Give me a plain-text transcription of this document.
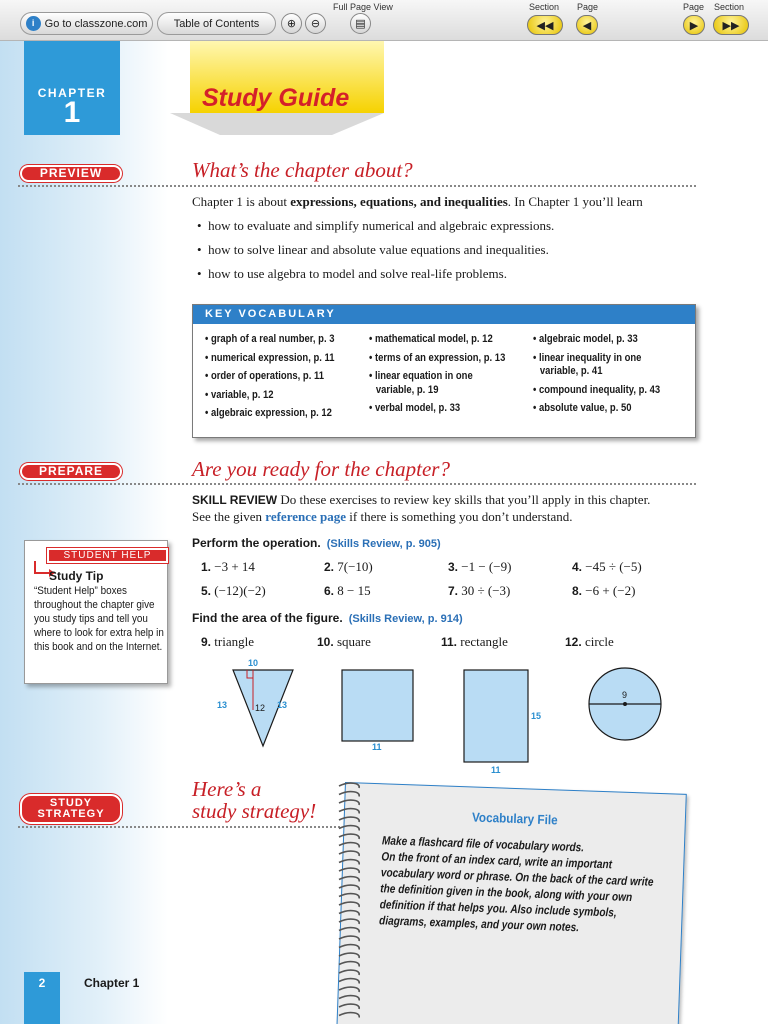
i Go to classzone.com Table of Contents	⊕	⊖
Full Page View
▤
Section Page
◀◀	◀
Page Section
▶	▶▶
CHAPTER
1	Study Guide
PREVIEW	What’s the chapter about?
Chapter 1 is about expressions, equations, and inequalities. In Chapter 1 you’ll learn
•  how to evaluate and simplify numerical and algebraic expressions.
•  how to solve linear and absolute value equations and inequalities.
•  how to use algebra to model and solve real-life problems.
KEY VOCABULARY
• graph of a real number, p. 3
• numerical expression, p. 11
• order of operations, p. 11
• variable, p. 12
• algebraic expression, p. 12
• mathematical model, p. 12
• terms of an expression, p. 13
• linear equation in one variable, p. 19
• verbal model, p. 33
• algebraic model, p. 33
• linear inequality in one variable, p. 41
• compound inequality, p. 43
• absolute value, p. 50
PREPARE	Are you ready for the chapter?
SKILL REVIEW Do these exercises to review key skills that you’ll apply in this chapter.
See the given reference page if there is something you don’t understand.
STUDENT HELP
Study Tip
“Student Help” boxes throughout the chapter give you study tips and tell you where to look for extra help in this book and on the Internet.
Perform the operation. (Skills Review, p. 905)
1. −3 + 14	2. 7(−10)	3. −1 − (−9)	4. −45 ÷ (−5)
5. (−12)(−2)	6. 8 − 15	7. 30 ÷ (−3)	8. −6 + (−2)
Find the area of the figure. (Skills Review, p. 914)
9. triangle	10. square	11. rectangle	12. circle
10
13	12 13
11
15
11
9
STUDY
STRATEGY
Here’s a
study strategy!	Vocabulary File
Make a flashcard file of vocabulary words.
On the front of an index card, write an important vocabulary word or phrase. On the back of the card write the definition given in the book, along with your own definition if that helps you. Also include symbols, diagrams, examples, and your own notes.
2	Chapter 1
